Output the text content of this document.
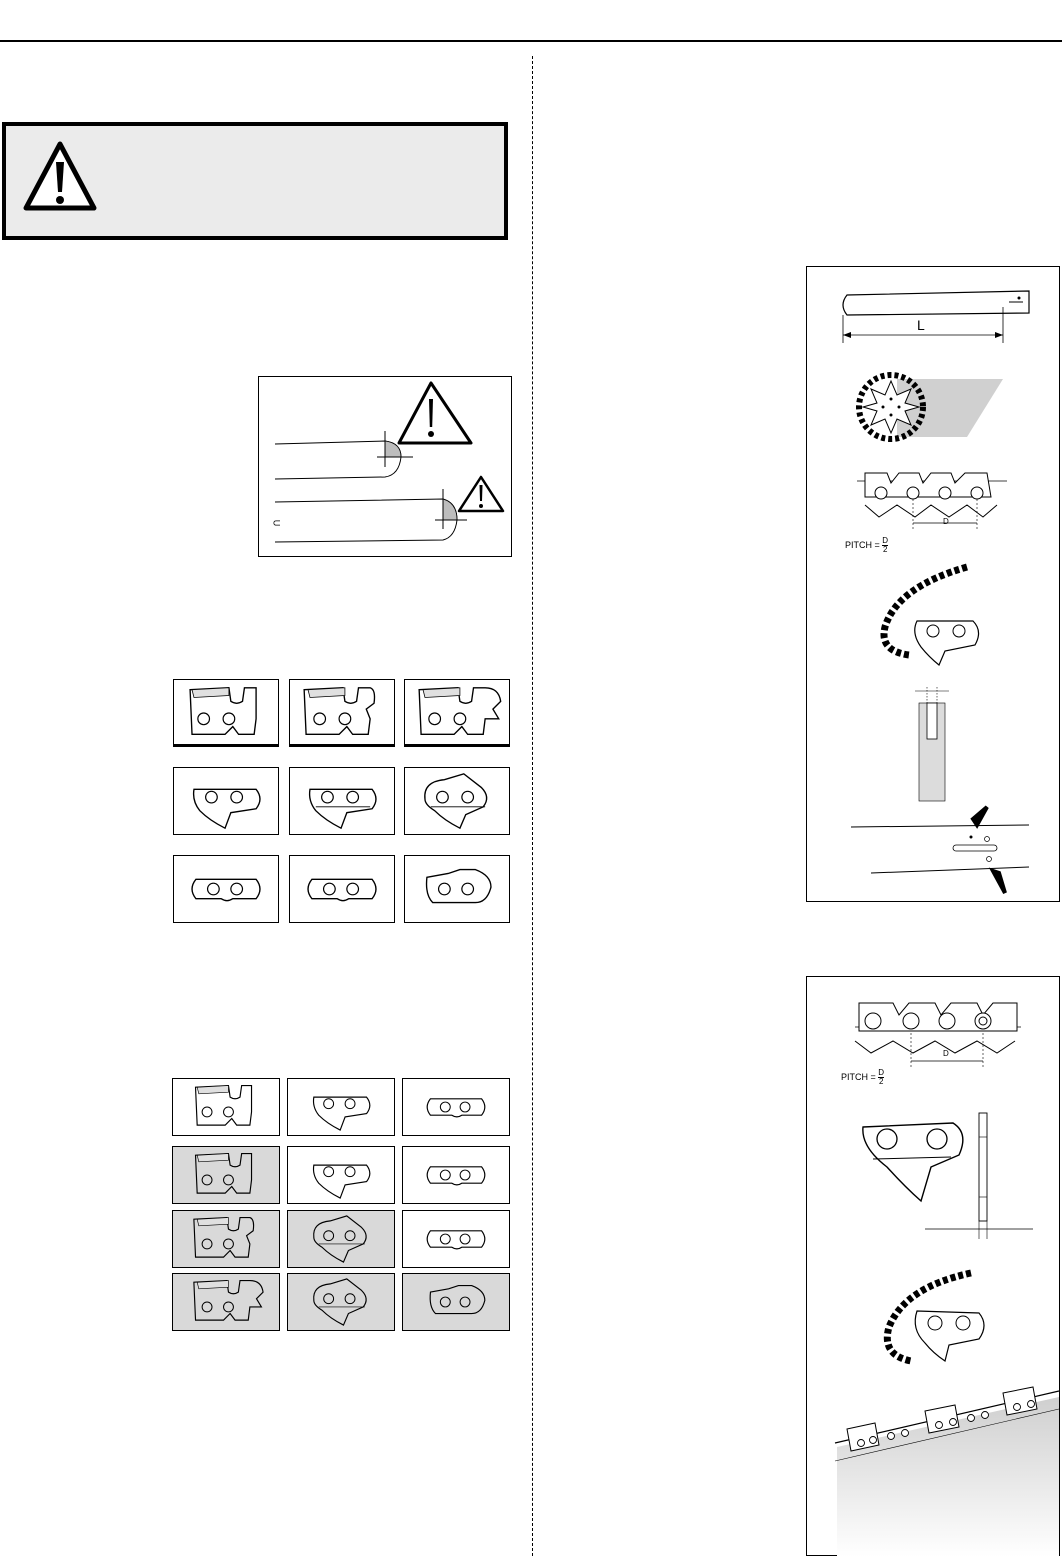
U
L
D
PITCH = $\frac{D}{2}$
D
PITCH = $\frac{D}{2}$
